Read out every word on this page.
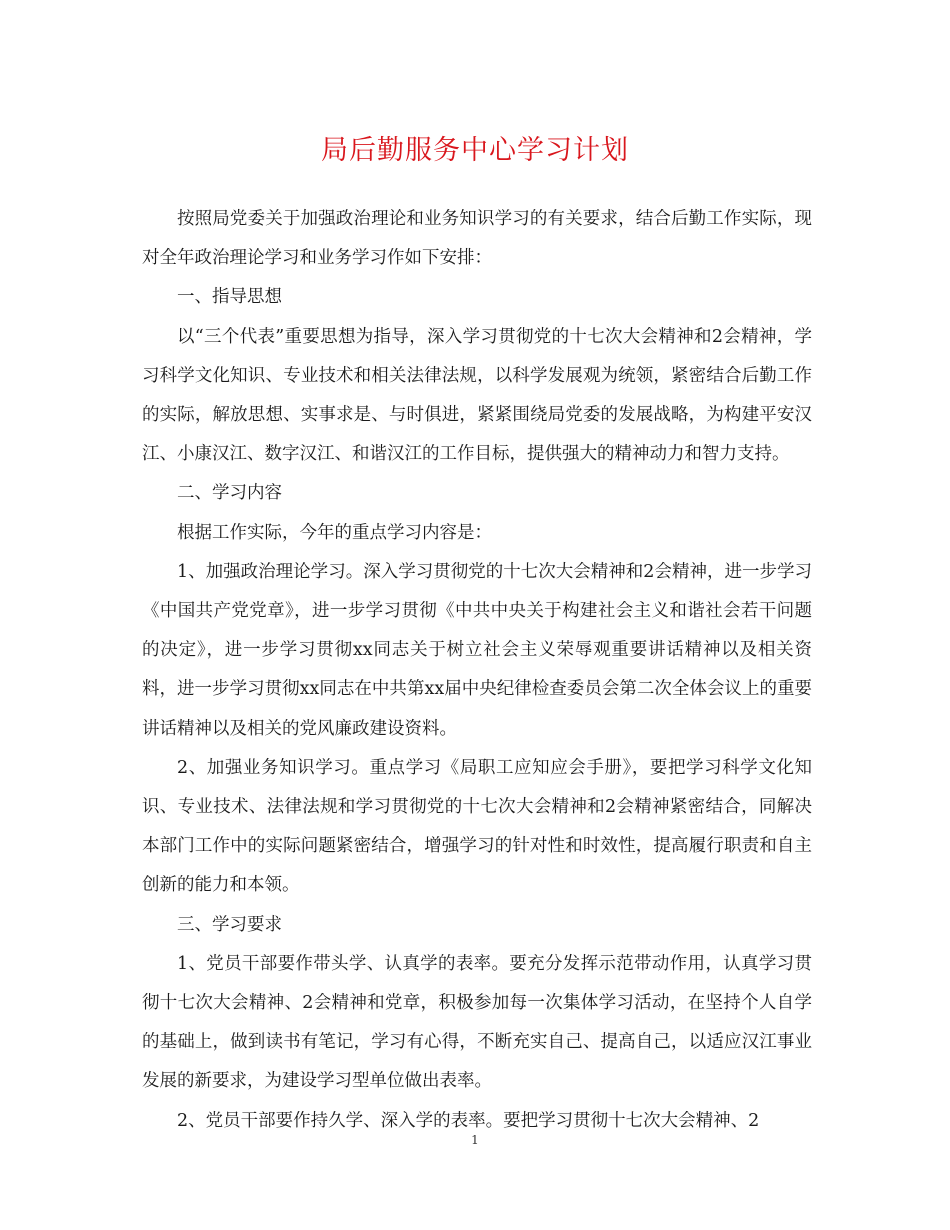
局后勤服务中心学习计划

按照局党委关于加强政治理论和业务知识学习的有关要求，结合后勤工作实际，现对全年政治理论学习和业务学习作如下安排：

一、指导思想

以“三个代表”重要思想为指导，深入学习贯彻党的十七次大会精神和2会精神，学习科学文化知识、专业技术和相关法律法规，以科学发展观为统领，紧密结合后勤工作的实际，解放思想、实事求是、与时俱进，紧紧围绕局党委的发展战略，为构建平安汉江、小康汉江、数字汉江、和谐汉江的工作目标，提供强大的精神动力和智力支持。

二、学习内容

根据工作实际，今年的重点学习内容是：

1、加强政治理论学习。深入学习贯彻党的十七次大会精神和2会精神，进一步学习《中国共产党党章》，进一步学习贯彻《中共中央关于构建社会主义和谐社会若干问题的决定》，进一步学习贯彻xx同志关于树立社会主义荣辱观重要讲话精神以及相关资料，进一步学习贯彻xx同志在中共第xx届中央纪律检查委员会第二次全体会议上的重要讲话精神以及相关的党风廉政建设资料。

2、加强业务知识学习。重点学习《局职工应知应会手册》，要把学习科学文化知识、专业技术、法律法规和学习贯彻党的十七次大会精神和2会精神紧密结合，同解决本部门工作中的实际问题紧密结合，增强学习的针对性和时效性，提高履行职责和自主创新的能力和本领。

三、学习要求

1、党员干部要作带头学、认真学的表率。要充分发挥示范带动作用，认真学习贯彻十七次大会精神、2会精神和党章，积极参加每一次集体学习活动，在坚持个人自学的基础上，做到读书有笔记，学习有心得，不断充实自己、提高自己，以适应汉江事业发展的新要求，为建设学习型单位做出表率。

2、党员干部要作持久学、深入学的表率。要把学习贯彻十七次大会精神、2

1
